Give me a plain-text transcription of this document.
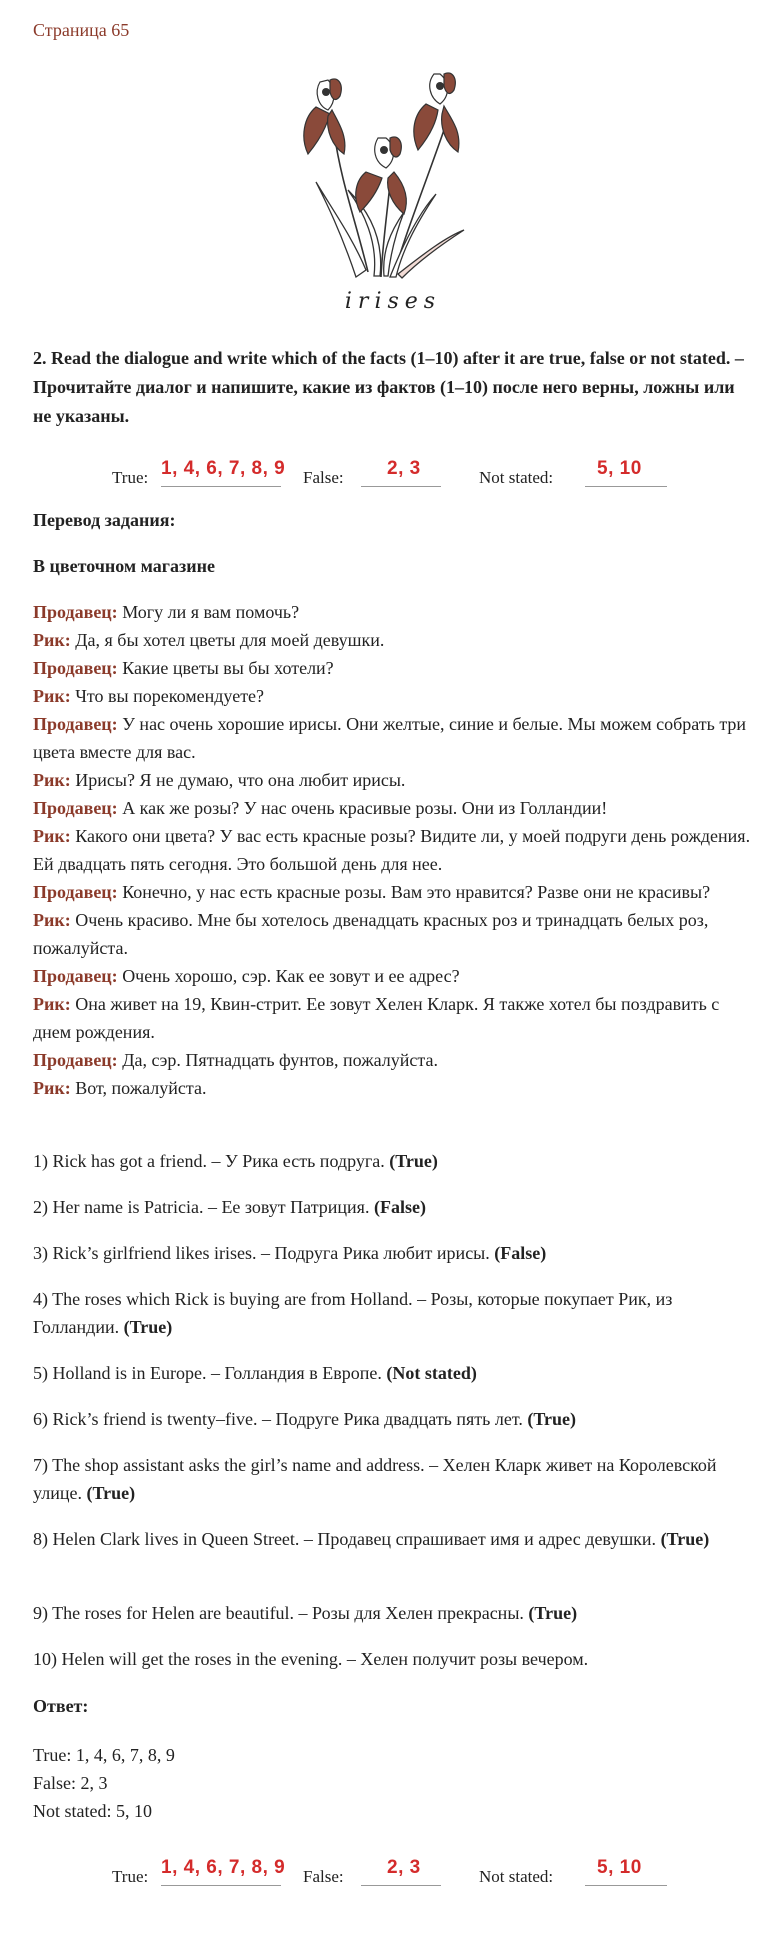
Страница 65
irises
2. Read the dialogue and write which of the facts (1–10) after it are true, false or not stated. – Прочитайте диалог и напишите, какие из фактов (1–10) после него верны, ложны или не указаны.
True: 1, 4, 6, 7, 8, 9 False: 2, 3	Not stated: 5, 10
Перевод задания:
В цветочном магазине
Продавец: Могу ли я вам помочь?
Рик: Да, я бы хотел цветы для моей девушки.
Продавец: Какие цветы вы бы хотели?
Рик: Что вы порекомендуете?
Продавец: У нас очень хорошие ирисы. Они желтые, синие и белые. Мы можем собрать три цвета вместе для вас.
Рик: Ирисы? Я не думаю, что она любит ирисы.
Продавец: А как же розы? У нас очень красивые розы. Они из Голландии!
Рик: Какого они цвета? У вас есть красные розы? Видите ли, у моей подруги день рождения. Ей двадцать пять сегодня. Это большой день для нее.
Продавец: Конечно, у нас есть красные розы. Вам это нравится? Разве они не красивы?
Рик: Очень красиво. Мне бы хотелось двенадцать красных роз и тринадцать белых роз, пожалуйста.
Продавец: Очень хорошо, сэр. Как ее зовут и ее адрес?
Рик: Она живет на 19, Квин-стрит. Ее зовут Хелен Кларк. Я также хотел бы поздравить с днем рождения.
Продавец: Да, сэр. Пятнадцать фунтов, пожалуйста.
Рик: Вот, пожалуйста.
1) Rick has got a friend. – У Рика есть подруга. (True)
2) Her name is Patricia. – Ее зовут Патриция. (False)
3) Rick’s girlfriend likes irises. – Подруга Рика любит ирисы. (False)
4) The roses which Rick is buying are from Holland. – Розы, которые покупает Рик, из Голландии. (True)
5) Holland is in Europe. – Голландия в Европе. (Not stated)
6) Rick’s friend is twenty–five. – Подруге Рика двадцать пять лет. (True)
7) The shop assistant asks the girl’s name and address. – Хелен Кларк живет на Королевской улице. (True)
8) Helen Clark lives in Queen Street. – Продавец спрашивает имя и адрес девушки. (True)
9) The roses for Helen are beautiful. – Розы для Хелен прекрасны. (True)
10) Helen will get the roses in the evening. – Хелен получит розы вечером.
Ответ:
True: 1, 4, 6, 7, 8, 9
False: 2, 3
Not stated: 5, 10
True: 1, 4, 6, 7, 8, 9 False: 2, 3	Not stated: 5, 10
